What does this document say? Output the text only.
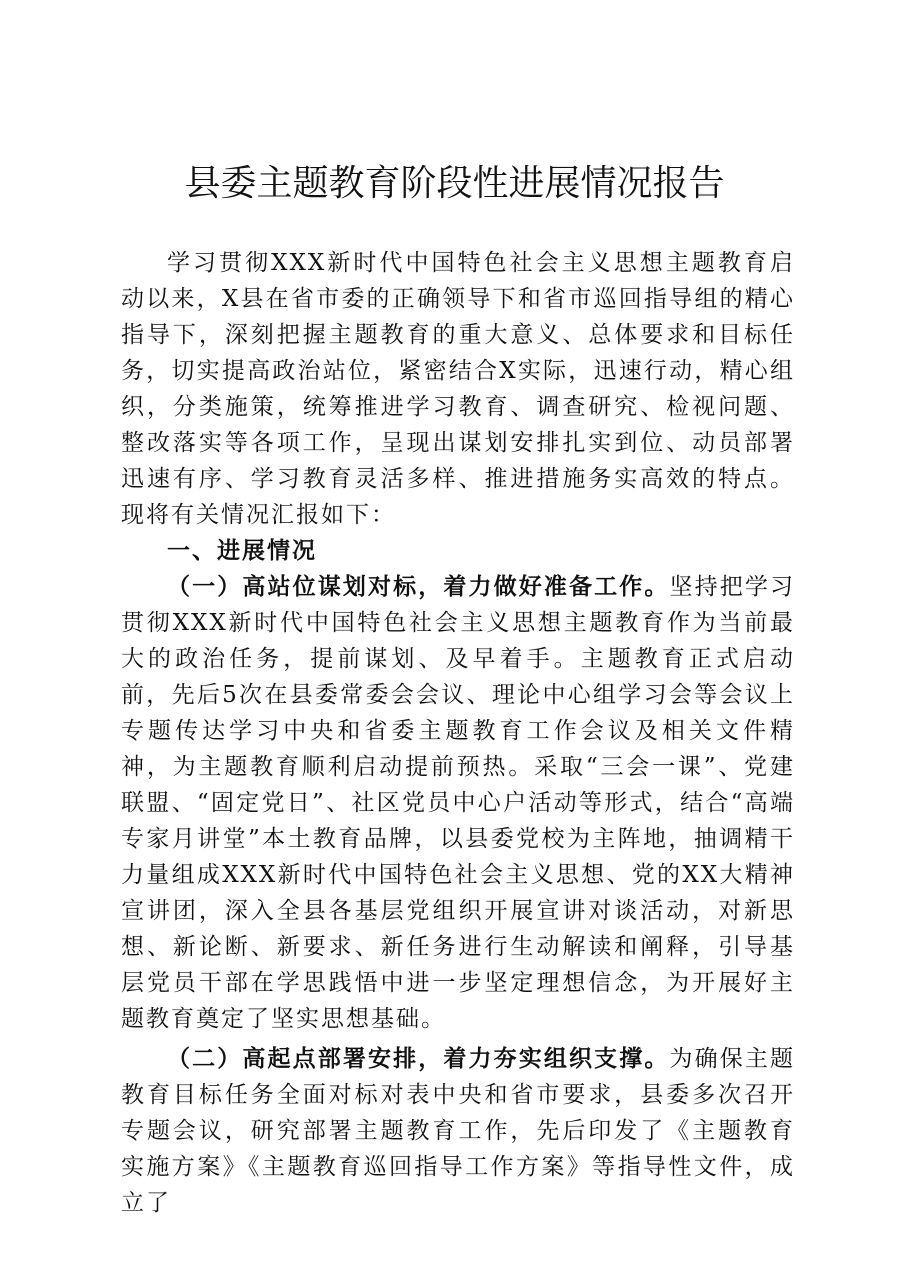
县委主题教育阶段性进展情况报告

学习贯彻XXX新时代中国特色社会主义思想主题教育启动以来，X县在省市委的正确领导下和省市巡回指导组的精心指导下，深刻把握主题教育的重大意义、总体要求和目标任务，切实提高政治站位，紧密结合X实际，迅速行动，精心组织，分类施策，统筹推进学习教育、调查研究、检视问题、整改落实等各项工作，呈现出谋划安排扎实到位、动员部署迅速有序、学习教育灵活多样、推进措施务实高效的特点。现将有关情况汇报如下：

一、进展情况

（一）高站位谋划对标，着力做好准备工作。坚持把学习贯彻XXX新时代中国特色社会主义思想主题教育作为当前最大的政治任务，提前谋划、及早着手。主题教育正式启动前，先后5次在县委常委会会议、理论中心组学习会等会议上专题传达学习中央和省委主题教育工作会议及相关文件精神，为主题教育顺利启动提前预热。采取“三会一课”、党建联盟、“固定党日”、社区党员中心户活动等形式，结合“高端专家月讲堂”本土教育品牌，以县委党校为主阵地，抽调精干力量组成XXX新时代中国特色社会主义思想、党的XX大精神宣讲团，深入全县各基层党组织开展宣讲对谈活动，对新思想、新论断、新要求、新任务进行生动解读和阐释，引导基层党员干部在学思践悟中进一步坚定理想信念，为开展好主题教育奠定了坚实思想基础。

（二）高起点部署安排，着力夯实组织支撑。为确保主题教育目标任务全面对标对表中央和省市要求，县委多次召开专题会议，研究部署主题教育工作，先后印发了《主题教育实施方案》《主题教育巡回指导工作方案》等指导性文件，成立了
